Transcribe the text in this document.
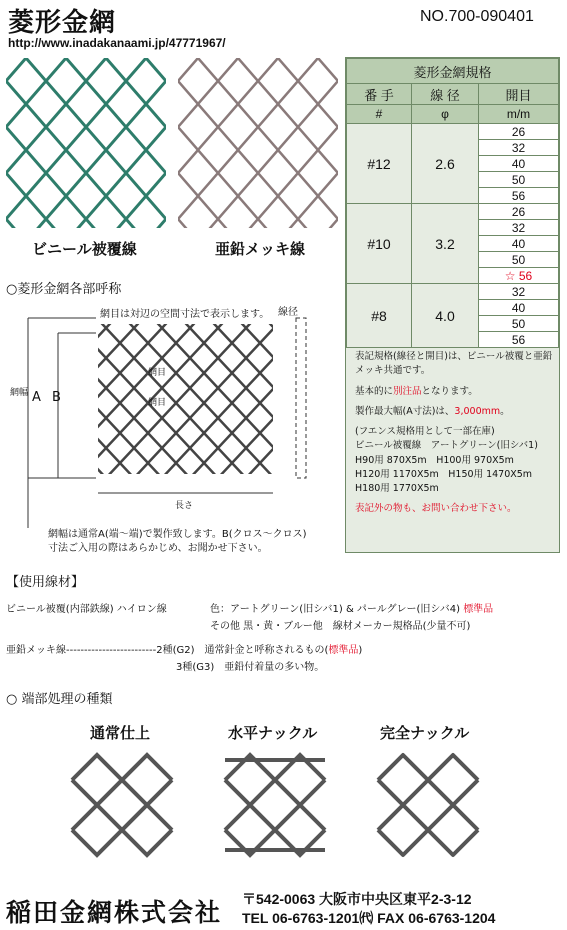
菱形金網	NO.700-090401
http://www.inadakanaami.jp/47771967/
ビニール被覆線	亜鉛メッキ線
菱形金網規格		
番 手	線 径	開目
#	φ	m/m
#12	2.6	26
		32
		40
		50
		56
#10	3.2	26
		32
		40
		50
		☆ 56
#8	4.0	32
		40
		50
		56

表記規格(線径と開目)は、ビニール被覆と亜鉛メッキ共通です。

基本的に別注品となります。

製作最大幅(A寸法)は、3,000mm。

(フエンス規格用として一部在庫)

ビニール被覆線　アートグリーン(旧シバ1)

H90用 870X5m　H100用 970X5m

H120用 1170X5m　H150用 1470X5m

H180用 1770X5m

表記外の物も、お問い合わせ下さい。

○菱形金網各部呼称
網目は対辺の空間寸法で表示します。 線径
網目
網目
網幅 A B
長さ
網幅は通常A(端～端)で製作致します。B(クロス～クロス)
寸法ご入用の際はあらかじめ、お聞かせ下さい。
【使用線材】
ビニール被覆(内部鉄線) ハイロン線	色：アートグリーン(旧シバ1) & パールグレー(旧シバ4) 標準品
その他 黒・黄・ブルー他　線材メーカー規格品(少量不可)
亜鉛メッキ線-------------------------2種(G2)　通常針金と呼称されるもの(標準品)
3種(G3)　亜鉛付着量の多い物。
○ 端部処理の種類
通常仕上	水平ナックル	完全ナックル
稲田金網株式会社 〒542-0063 大阪市中央区東平2-3-12
TEL 06-6763-1201㈹ FAX 06-6763-1204
